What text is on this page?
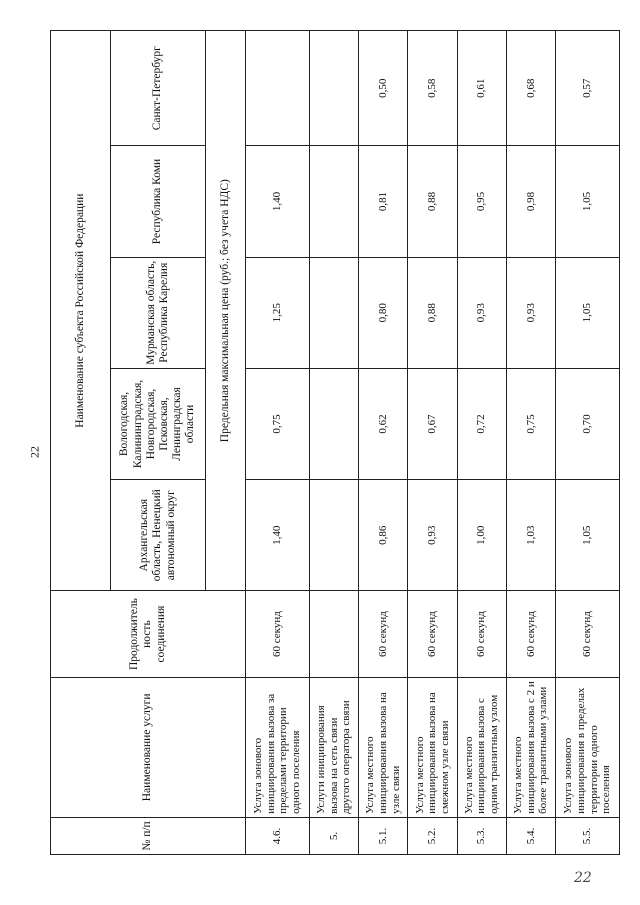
22
№ п/п	Наименование услуги	Продолжитель ность соединения	Наименование субъекта Российской Федерации				
			Архангельская область, Ненецкий автономный округ	Вологодская, Калининградская, Новгородская, Псковская, Ленинградская области	Мурманская область, Республика Карелия	Республика Коми	Санкт-Петербург
			Предельная максимальная цена (руб.; без учета НДС)				
4.6.	Услуга зонового инициирования вызова за пределами территории одного поселения	60 секунд	1,40	0,75	1,25	1,40	
5.	Услуги инициирования вызова на сеть связи другого оператора связи						
5.1.	Услуга местного инициирования вызова на узле связи	60 секунд	0,86	0,62	0,80	0,81	0,50
5.2.	Услуга местного инициирования вызова на смежном узле связи	60 секунд	0,93	0,67	0,88	0,88	0,58
5.3.	Услуга местного инициирования вызова с одним транзитным узлом	60 секунд	1,00	0,72	0,93	0,95	0,61
5.4.	Услуга местного инициирования вызова с 2 и более транзитными узлами	60 секунд	1,03	0,75	0,93	0,98	0,68
5.5.	Услуга зонового инициирования в пределах территории одного поселения	60 секунд	1,05	0,70	1,05	1,05	0,57
22
